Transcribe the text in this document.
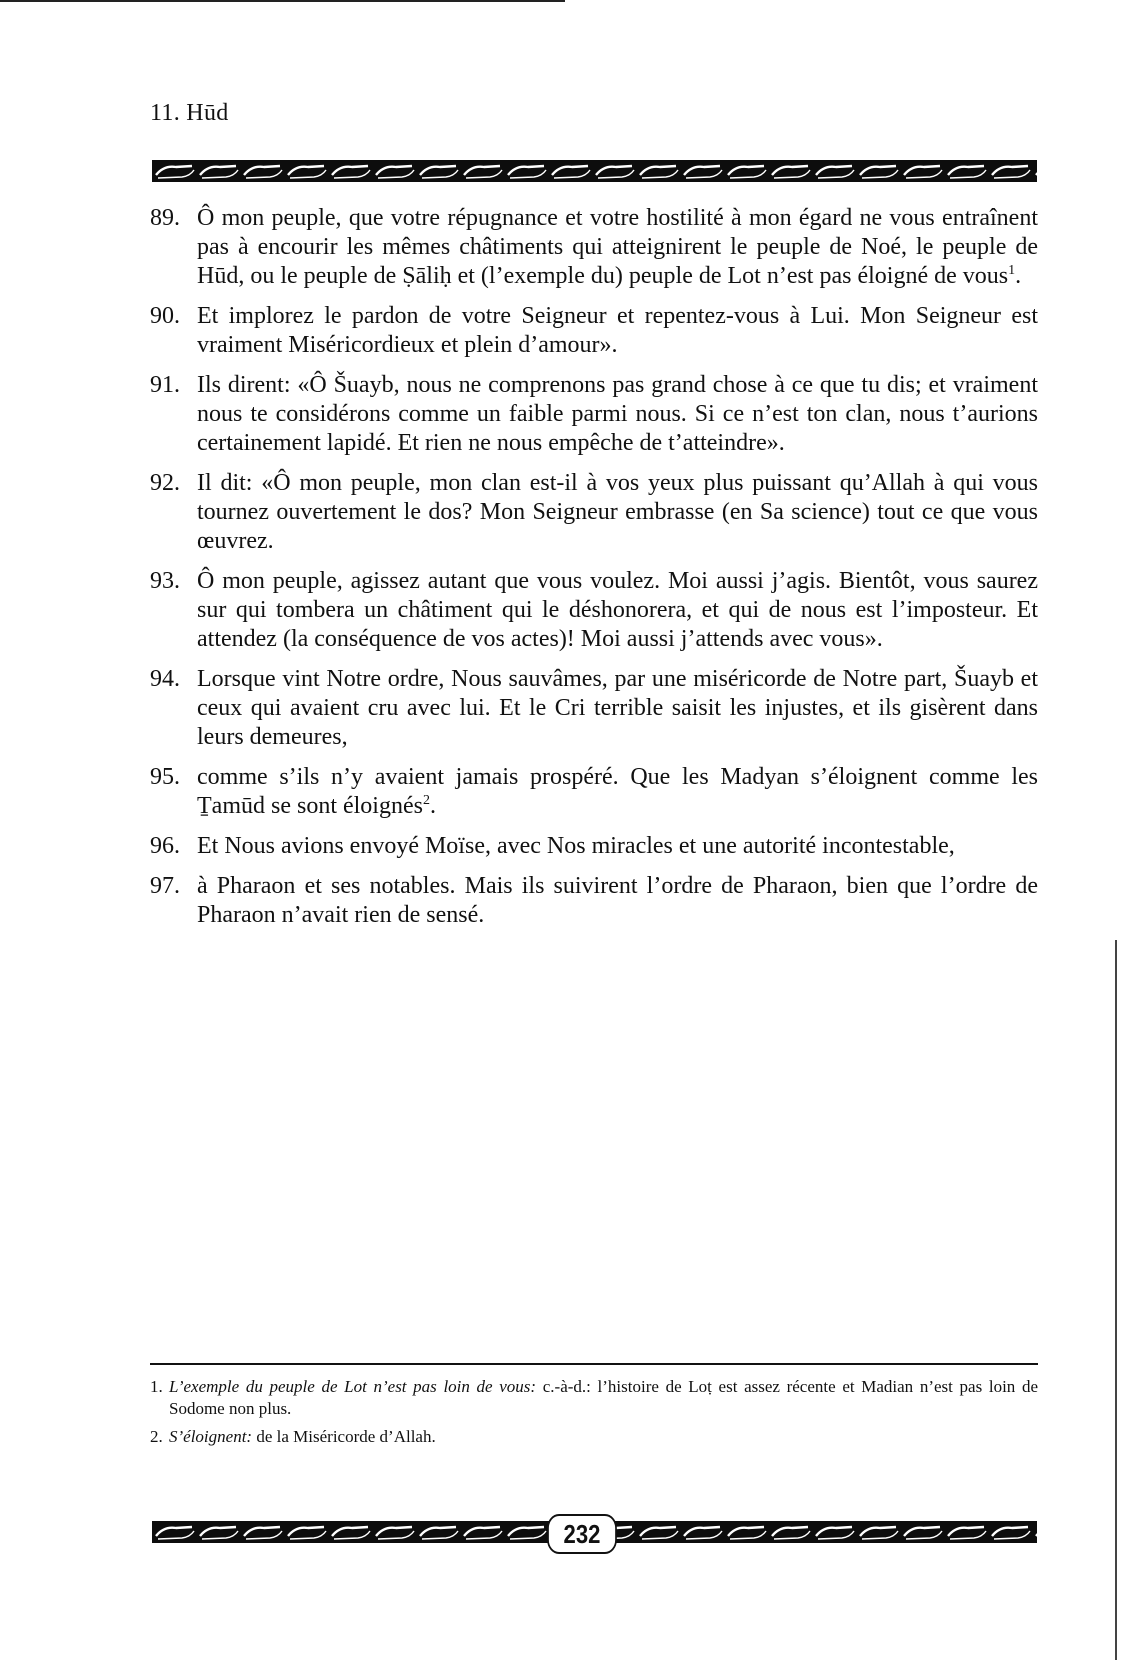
11. Hūd
89. Ô mon peuple, que votre répugnance et votre hostilité à mon égard ne vous entraînent pas à encourir les mêmes châtiments qui atteignirent le peuple de Noé, le peuple de Hūd, ou le peuple de Ṣāliḥ et (l’exemple du) peuple de Lot n’est pas éloigné de vous$^1$.
90. Et implorez le pardon de votre Seigneur et repentez-vous à Lui. Mon Seigneur est vraiment Miséricordieux et plein d’amour».
91. Ils dirent: «Ô Šuayb, nous ne comprenons pas grand chose à ce que tu dis; et vraiment nous te considérons comme un faible parmi nous. Si ce n’est ton clan, nous t’aurions certainement lapidé. Et rien ne nous empêche de t’atteindre».
92. Il dit: «Ô mon peuple, mon clan est-il à vos yeux plus puissant qu’Allah à qui vous tournez ouvertement le dos? Mon Seigneur embrasse (en Sa science) tout ce que vous œuvrez.
93. Ô mon peuple, agissez autant que vous voulez. Moi aussi j’agis. Bientôt, vous saurez sur qui tombera un châtiment qui le déshonorera, et qui de nous est l’imposteur. Et attendez (la conséquence de vos actes)! Moi aussi j’attends avec vous».
94. Lorsque vint Notre ordre, Nous sauvâmes, par une miséricorde de Notre part, Šuayb et ceux qui avaient cru avec lui. Et le Cri terrible saisit les injustes, et ils gisèrent dans leurs demeures,
95. comme s’ils n’y avaient jamais prospéré. Que les Madyan s’éloignent comme les Ṯamūd se sont éloignés$^2$.
96. Et Nous avions envoyé Moïse, avec Nos miracles et une autorité incontestable,
97. à Pharaon et ses notables. Mais ils suivirent l’ordre de Pharaon, bien que l’ordre de Pharaon n’avait rien de sensé.
1. L’exemple du peuple de Lot n’est pas loin de vous: c.-à-d.: l’histoire de Loṭ est assez récente et Madian n’est pas loin de Sodome non plus.
2. S’éloignent: de la Miséricorde d’Allah.
232
